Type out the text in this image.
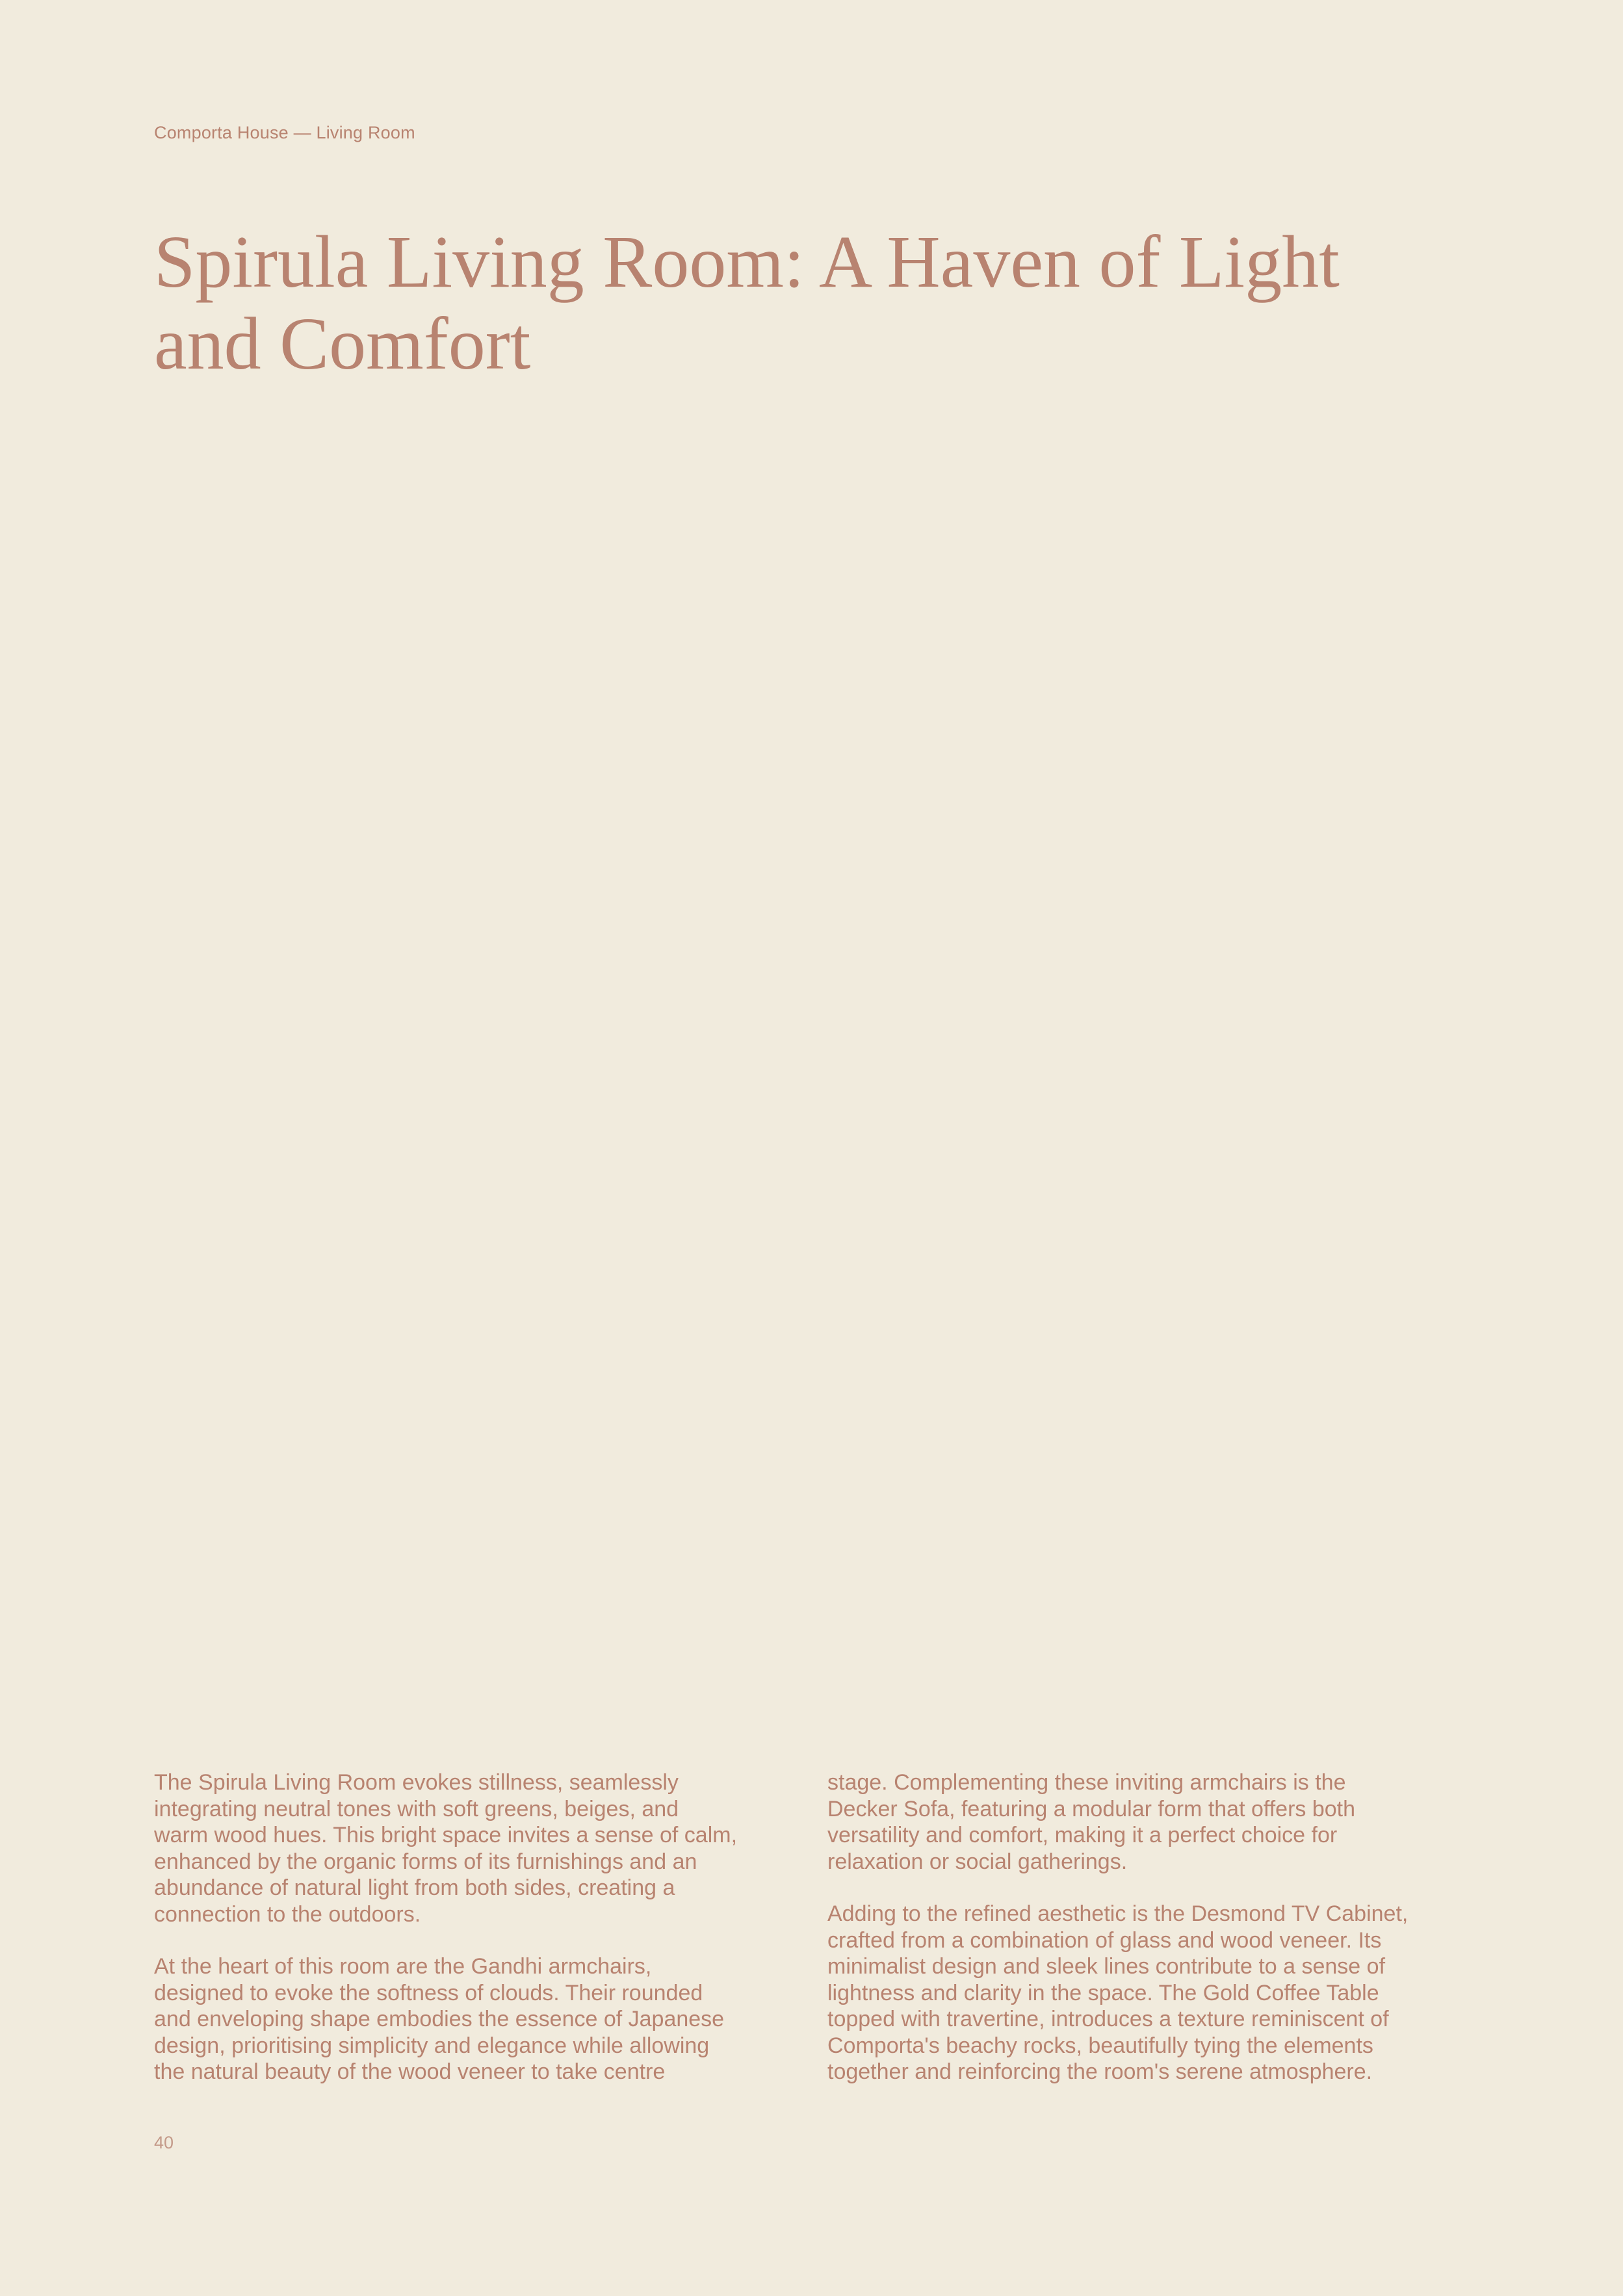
Comporta House — Living Room
Spirula Living Room: A Haven of Light
and Comfort
The Spirula Living Room evokes stillness, seamlessly
integrating neutral tones with soft greens, beiges, and
warm wood hues. This bright space invites a sense of calm,
enhanced by the organic forms of its furnishings and an
abundance of natural light from both sides, creating a
connection to the outdoors.
At the heart of this room are the Gandhi armchairs,
designed to evoke the softness of clouds. Their rounded
and enveloping shape embodies the essence of Japanese
design, prioritising simplicity and elegance while allowing
the natural beauty of the wood veneer to take centre
stage. Complementing these inviting armchairs is the
Decker Sofa, featuring a modular form that offers both
versatility and comfort, making it a perfect choice for
relaxation or social gatherings.
Adding to the refined aesthetic is the Desmond TV Cabinet,
crafted from a combination of glass and wood veneer. Its
minimalist design and sleek lines contribute to a sense of
lightness and clarity in the space. The Gold Coffee Table
topped with travertine, introduces a texture reminiscent of
Comporta's beachy rocks, beautifully tying the elements
together and reinforcing the room's serene atmosphere.
40
